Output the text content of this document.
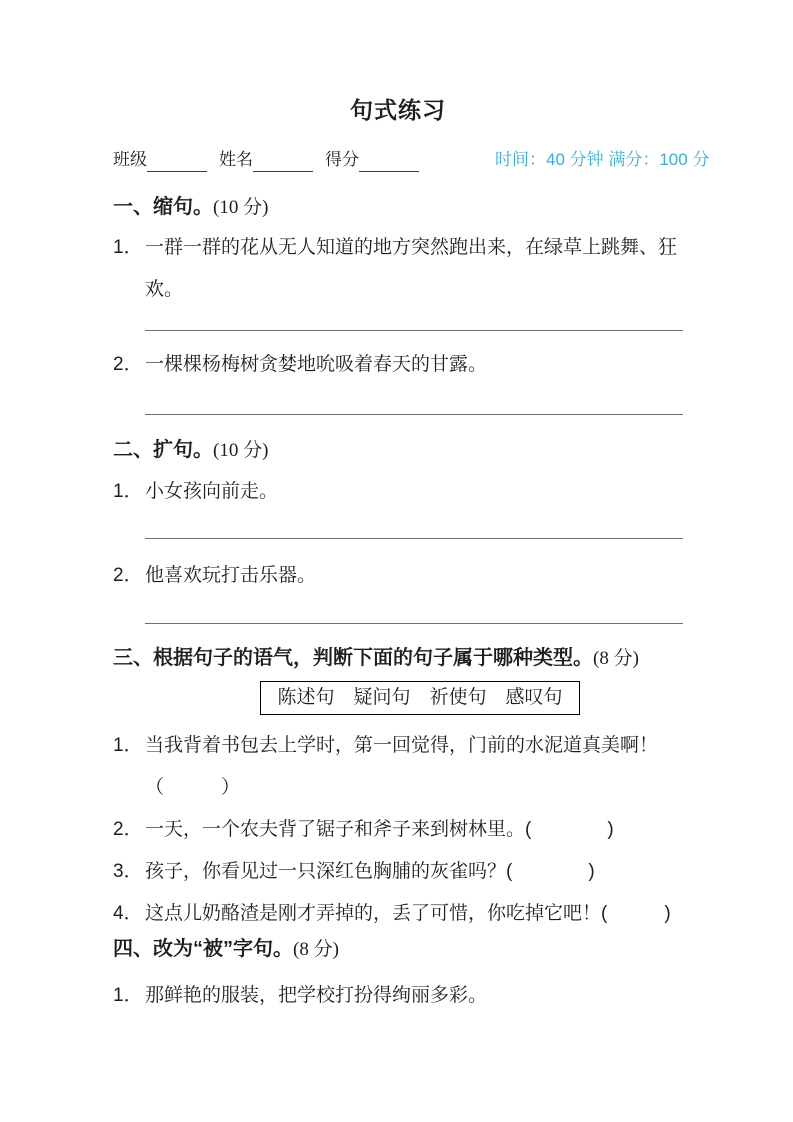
句式练习
班级	姓名	得分	时间：40 分钟 满分：100 分
一、缩句。(10 分)
1． 一群一群的花从无人知道的地方突然跑出来，在绿草上跳舞、狂欢。
2． 一棵棵杨梅树贪婪地吮吸着春天的甘露。
二、扩句。(10 分)
1． 小女孩向前走。
2． 他喜欢玩打击乐器。
三、根据句子的语气，判断下面的句子属于哪种类型。(8 分)
陈述句　疑问句　祈使句　感叹句
1． 当我背着书包去上学时，第一回觉得，门前的水泥道真美啊！
（　　　）
2． 一天，一个农夫背了锯子和斧子来到树林里。(　　　　)
3． 孩子，你看见过一只深红色胸脯的灰雀吗？(　　　　)
4． 这点儿奶酪渣是刚才弄掉的，丢了可惜，你吃掉它吧！(　　　)
四、改为“被”字句。(8 分)
1． 那鲜艳的服装，把学校打扮得绚丽多彩。
